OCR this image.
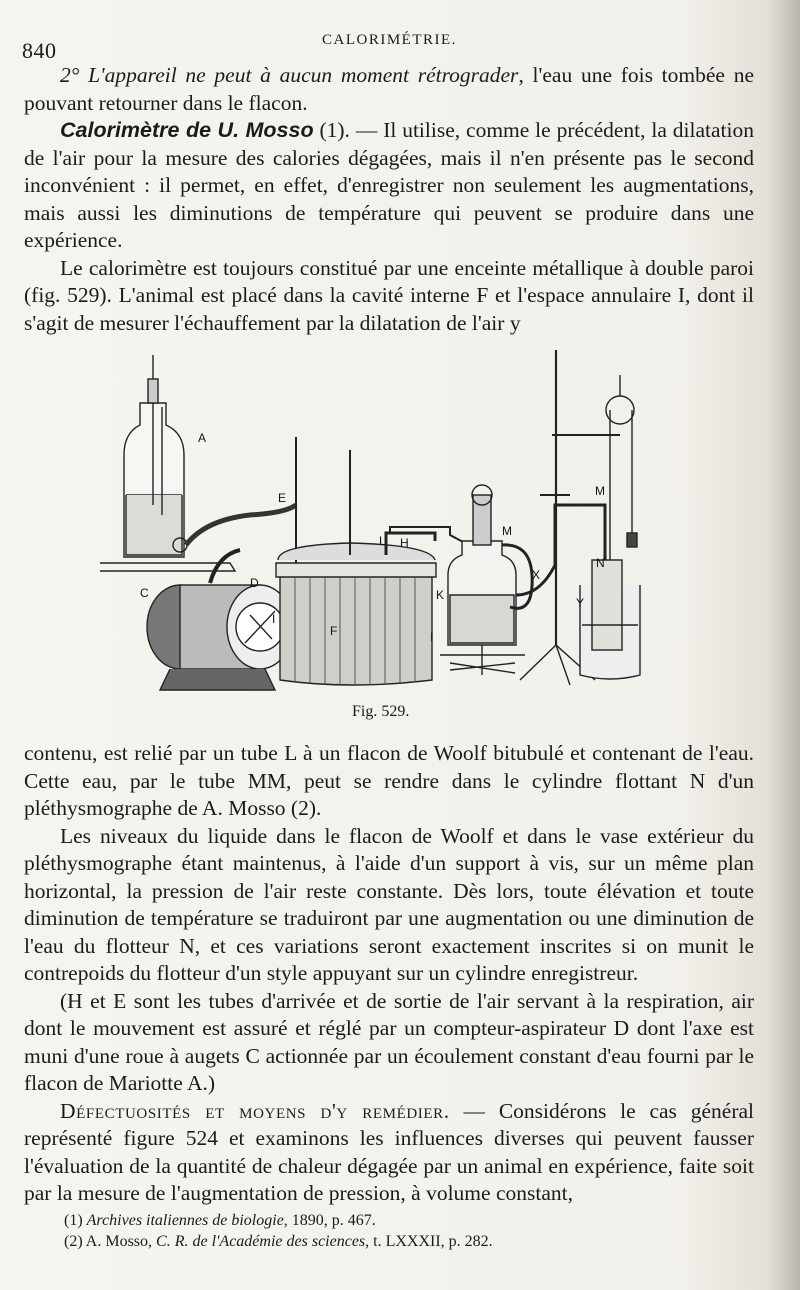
840	CALORIMÉTRIE.

2° L'appareil ne peut à aucun moment rétrograder, l'eau une fois tombée ne pouvant retourner dans le flacon.

Calorimètre de U. Mosso (1). — Il utilise, comme le précédent, la dilatation de l'air pour la mesure des calories dégagées, mais il n'en présente pas le second inconvénient : il permet, en effet, d'enregistrer non seulement les augmentations, mais aussi les diminutions de température qui peuvent se produire dans une expérience.

Le calorimètre est toujours constitué par une enceinte métallique à double paroi (fig. 529). L'animal est placé dans la cavité interne F et l'espace annulaire I, dont il s'agit de mesurer l'échauffement par la dilatation de l'air y

A
C
D
E
F
H
I
I
K
L
M
M
N
X
Y
Fig. 529.

contenu, est relié par un tube L à un flacon de Woolf bitubulé et contenant de l'eau. Cette eau, par le tube MM, peut se rendre dans le cylindre flottant N d'un pléthysmographe de A. Mosso (2).

Les niveaux du liquide dans le flacon de Woolf et dans le vase extérieur du pléthysmographe étant maintenus, à l'aide d'un support à vis, sur un même plan horizontal, la pression de l'air reste constante. Dès lors, toute élévation et toute diminution de température se traduiront par une augmentation ou une diminution de l'eau du flotteur N, et ces variations seront exactement inscrites si on munit le contrepoids du flotteur d'un style appuyant sur un cylindre enregistreur.

(H et E sont les tubes d'arrivée et de sortie de l'air servant à la respiration, air dont le mouvement est assuré et réglé par un compteur-aspirateur D dont l'axe est muni d'une roue à augets C actionnée par un écoulement constant d'eau fourni par le flacon de Mariotte A.)

Défectuosités et moyens d'y remédier. — Considérons le cas général représenté figure 524 et examinons les influences diverses qui peuvent fausser l'évaluation de la quantité de chaleur dégagée par un animal en expérience, faite soit par la mesure de l'augmentation de pression, à volume constant,

(1) Archives italiennes de biologie, 1890, p. 467.
(2) A. Mosso, C. R. de l'Académie des sciences, t. LXXXII, p. 282.
